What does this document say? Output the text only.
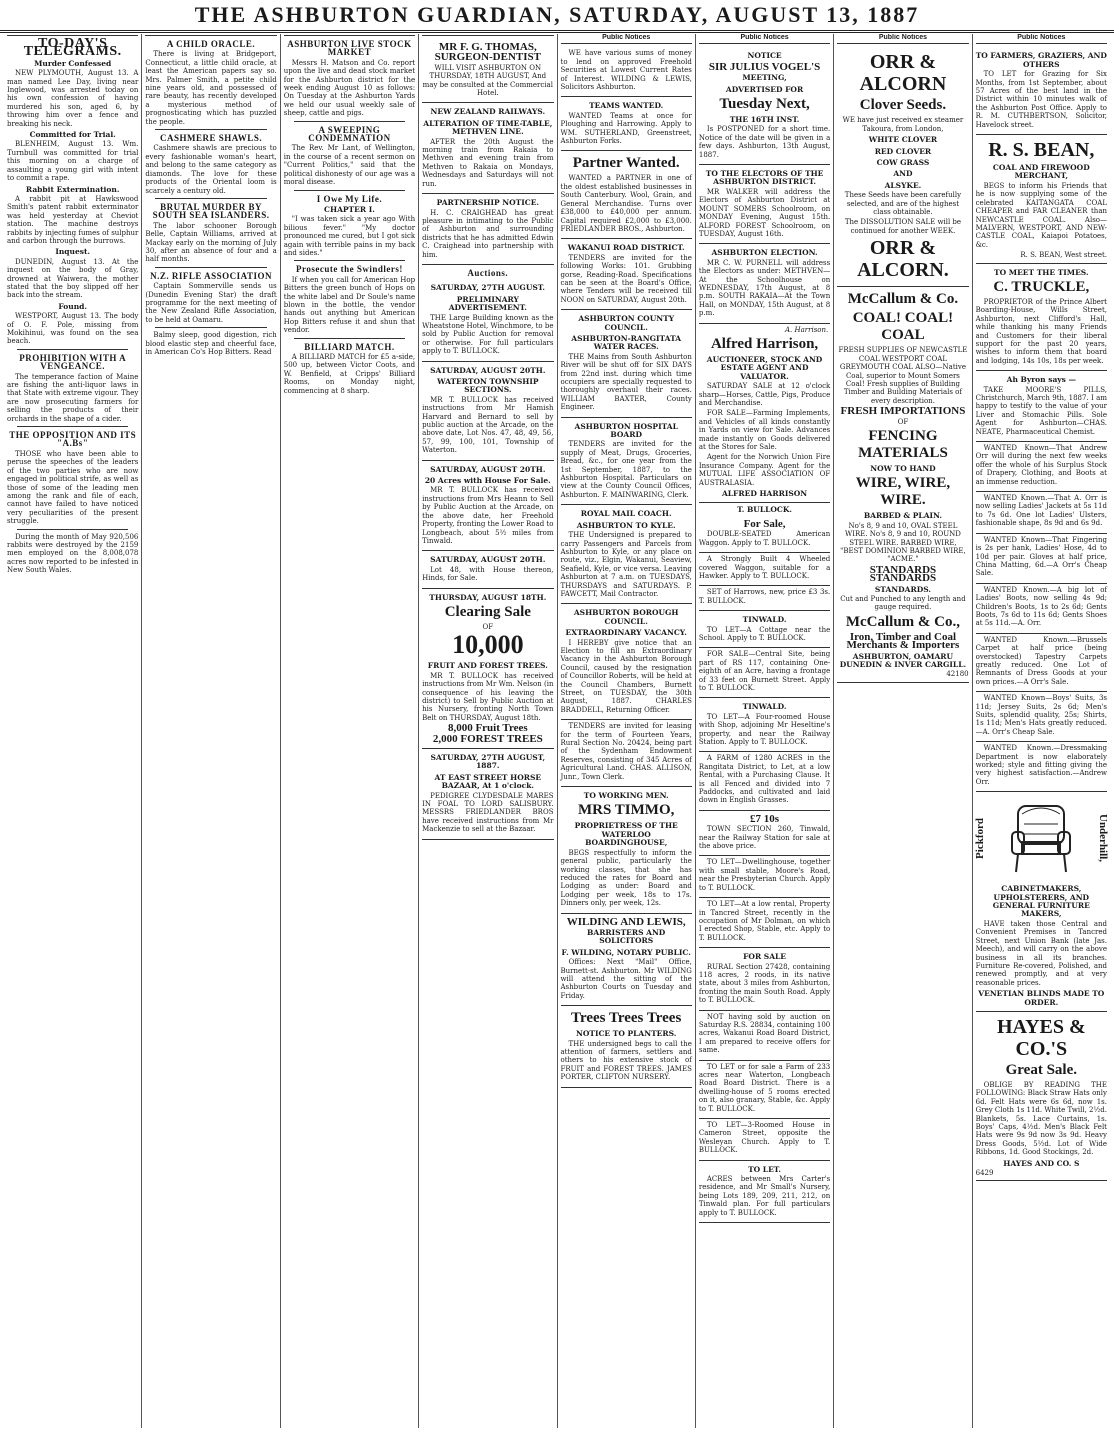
THE ASHBURTON GUARDIAN, SATURDAY, AUGUST 13, 1887
TO-DAY'S TELEGRAMS.
Murder Confessed

NEW PLYMOUTH, August 13. A man named Lee Day, living near Inglewood, was arrested today on his own confession of having murdered his son, aged 6, by throwing him over a fence and breaking his neck.

Committed for Trial.

BLENHEIM, August 13. Wm. Turnbull was committed for trial this morning on a charge of assaulting a young girl with intent to commit a rape.

Rabbit Extermination.

A rabbit pit at Hawkswood Smith's patent rabbit exterminator was held yesterday at Cheviot station. The machine destroys rabbits by injecting fumes of sulphur and carbon through the burrows.

Inquest.

DUNEDIN, August 13. At the inquest on the body of Gray, drowned at Waiwera, the mother stated that the boy slipped off her back into the stream.

Found.

WESTPORT, August 13. The body of O. F. Pole, missing from Mokihinui, was found on the sea beach.

PROHIBITION WITH A VENGEANCE.

The temperance faction of Maine are fishing the anti-liquor laws in that State with extreme vigour. They are now prosecuting farmers for selling the products of their orchards in the shape of a cider.

THE OPPOSITION AND ITS "A.Bs"

THOSE who have been able to peruse the speeches of the leaders of the two parties who are now engaged in political strife, as well as those of some of the leading men among the rank and file of each, cannot have failed to have noticed very peculiarities of the present struggle.

During the month of May 920,506 rabbits were destroyed by the 2159 men employed on the 8,008,078 acres now reported to be infested in New South Wales.

A CHILD ORACLE.

There is living at Bridgeport, Connecticut, a little child oracle, at least the American papers say so. Mrs. Palmer Smith, a petite child nine years old, and possessed of rare beauty, has recently developed a mysterious method of prognosticating which has puzzled the people.

CASHMERE SHAWLS.

Cashmere shawls are precious to every fashionable woman's heart, and belong to the same category as diamonds. The love for these products of the Oriental loom is scarcely a century old.

BRUTAL MURDER BY SOUTH SEA ISLANDERS.

The labor schooner Borough Belle, Captain Williams, arrived at Mackay early on the morning of July 30, after an absence of four and a half months.

N.Z. RIFLE ASSOCIATION

Captain Sommerville sends us (Dunedin Evening Star) the draft programme for the next meeting of the New Zealand Rifle Association, to be held at Oamaru.

Balmy sleep, good digestion, rich blood elastic step and cheerful face, in American Co's Hop Bitters. Read

ASHBURTON LIVE STOCK MARKET

Messrs H. Matson and Co. report upon the live and dead stock market for the Ashburton district for the week ending August 10 as follows: On Tuesday at the Ashburton Yards we held our usual weekly sale of sheep, cattle and pigs.

A SWEEPING CONDEMNATION

The Rev. Mr Lant, of Wellington, in the course of a recent sermon on "Current Politics," said that the political dishonesty of our age was a moral disease.

I Owe My Life.
CHAPTER I.

"I was taken sick a year ago With bilious fever." "My doctor pronounced me cured, but I got sick again with terrible pains in my back and sides."

Prosecute the Swindlers!

If when you call for American Hop Bitters the green bunch of Hops on the white label and Dr Soule's name blown in the bottle, the vendor hands out anything but American Hop Bitters refuse it and shun that vendor.

BILLIARD MATCH.

A BILLIARD MATCH for £5 a-side, 500 up, between Victor Coots, and W. Benfield, at Cripps' Billiard Rooms, on Monday night, commencing at 8 sharp.

MR F. G. THOMAS,
SURGEON-DENTIST

WILL VISIT ASHBURTON ON THURSDAY, 18TH AUGUST, And may be consulted at the Commercial Hotel.

NEW ZEALAND RAILWAYS.
ALTERATION OF TIME-TABLE, METHVEN LINE.

AFTER the 20th August the morning train from Rakaia to Methven and evening train from Methven to Rakaia on Mondays, Wednesdays and Saturdays will not run.

PARTNERSHIP NOTICE.

H. C. CRAIGHEAD has great pleasure in intimating to the Public of Ashburton and surrounding districts that he has admitted Edwin C. Craighead into partnership with him.

Auctions.
SATURDAY, 27TH AUGUST.
PRELIMINARY ADVERTISEMENT.

THE Large Building known as the Wheatstone Hotel, Winchmore, to be sold by Public Auction for removal or otherwise. For full particulars apply to T. BULLOCK.

SATURDAY, AUGUST 20TH.
WATERTON TOWNSHIP SECTIONS.

MR T. BULLOCK has received instructions from Mr Hamish Harvard and Bernard to sell by public auction at the Arcade, on the above date, Lot Nos. 47, 48, 49, 56, 57, 99, 100, 101, Township of Waterton.

SATURDAY, AUGUST 20TH.
20 Acres with House For Sale.

MR T. BULLOCK has received instructions from Mrs Heann to Sell by Public Auction at the Arcade, on the above date, her Freehold Property, fronting the Lower Road to Longbeach, about 5½ miles from Tinwald.

SATURDAY, AUGUST 20TH.

Lot 48, with House thereon, Hinds, for Sale.

THURSDAY, AUGUST 18TH.
Clearing Sale
OF
10,000
FRUIT AND FOREST TREES.

MR T. BULLOCK has received instructions from Mr Wm. Nelson (in consequence of his leaving the district) to Sell by Public Auction at his Nursery, fronting North Town Belt on THURSDAY, August 18th.

8,000 Fruit Trees
2,000 FOREST TREES
SATURDAY, 27TH AUGUST, 1887.
AT EAST STREET HORSE BAZAAR, At 1 o'clock.

PEDIGREE CLYDESDALE MARES IN FOAL TO LORD SALISBURY. MESSRS FRIEDLANDER BROS have received instructions from Mr Mackenzie to sell at the Bazaar.

Public Notices

WE have various sums of money to lend on approved Freehold Securities at Lowest Current Rates of Interest. WILDING & LEWIS, Solicitors Ashburton.

TEAMS WANTED.

WANTED Teams at once for Ploughing and Harrowing. Apply to WM. SUTHERLAND, Greenstreet, Ashburton Forks.

Partner Wanted.

WANTED a PARTNER in one of the oldest established businesses in South Canterbury. Wool, Grain, and General Merchandise. Turns over £38,000 to £40,000 per annum. Capital required £2,000 to £3,000. FRIEDLANDER BROS., Ashburton.

WAKANUI ROAD DISTRICT.

TENDERS are invited for the following Works: 101. Grubbing gorse, Reading-Road. Specifications can be seen at the Board's Office, where Tenders will be received till NOON on SATURDAY, August 20th.

ASHBURTON COUNTY COUNCIL.
ASHBURTON-RANGITATA WATER RACES.

THE Mains from South Ashburton River will be shut off for SIX DAYS from 22nd inst. during which time occupiers are specially requested to thoroughly overhaul their races. WILLIAM BAXTER, County Engineer.

ASHBURTON HOSPITAL BOARD

TENDERS are invited for the supply of Meat, Drugs, Groceries, Bread, &c., for one year from the 1st September, 1887, to the Ashburton Hospital. Particulars on view at the County Council Offices, Ashburton. F. MAINWARING, Clerk.

ROYAL MAIL COACH.
ASHBURTON TO KYLE.

THE Undersigned is prepared to carry Passengers and Parcels from Ashburton to Kyle, or any place on route, viz., Elgin, Wakanui, Seaview, Seafield, Kyle, or vice versa. Leaving Ashburton at 7 a.m. on TUESDAYS, THURSDAYS and SATURDAYS. P. FAWCETT, Mail Contractor.

ASHBURTON BOROUGH COUNCIL.
EXTRAORDINARY VACANCY.

I HEREBY give notice that an Election to fill an Extraordinary Vacancy in the Ashburton Borough Council, caused by the resignation of Councillor Roberts, will be held at the Council Chambers, Burnett Street, on TUESDAY, the 30th August, 1887. CHARLES BRADDELL, Returning Officer.

TENDERS are invited for leasing for the term of Fourteen Years, Rural Section No. 20424, being part of the Sydenham Endowment Reserves, consisting of 345 Acres of Agricultural Land. CHAS. ALLISON, Junr., Town Clerk.

TO WORKING MEN.
MRS TIMMO,
PROPRIETRESS OF THE WATERLOO BOARDINGHOUSE,

BEGS respectfully to inform the general public, particularly the working classes, that she has reduced the rates for Board and Lodging as under: Board and Lodging per week, 18s to 17s. Dinners only, per week, 12s.

WILDING AND LEWIS,
BARRISTERS AND SOLICITORS
F. WILDING, NOTARY PUBLIC.

Offices: Next "Mail" Office, Burnett-st. Ashburton. Mr WILDING will attend the sitting of the Ashburton Courts on Tuesday and Friday.

Trees Trees Trees
NOTICE TO PLANTERS.

THE undersigned begs to call the attention of farmers, settlers and others to his extensive stock of FRUIT and FOREST TREES. JAMES PORTER, CLIFTON NURSERY.

Public Notices
NOTICE
SIR JULIUS VOGEL'S
MEETING,
ADVERTISED FOR
Tuesday Next,
THE 16TH INST.

Is POSTPONED for a short time. Notice of the date will be given in a few days. Ashburton, 13th August, 1887.

TO THE ELECTORS OF THE ASHBURTON DISTRICT.

MR WALKER will address the Electors of Ashburton District at MOUNT SOMERS Schoolroom, on MONDAY Evening, August 15th. ALFORD FOREST Schoolroom, on TUESDAY, August 16th.

ASHBURTON ELECTION.

MR C. W. PURNELL will address the Electors as under: METHVEN—At the Schoolhouse on WEDNESDAY, 17th August, at 8 p.m. SOUTH RAKAIA—At the Town Hall, on MONDAY, 15th August, at 8 p.m.

A. Harrison.
Alfred Harrison,
AUCTIONEER, STOCK AND ESTATE AGENT AND VALUATOR.

SATURDAY SALE at 12 o'clock sharp—Horses, Cattle, Pigs, Produce and Merchandise.

FOR SALE—Farming Implements, and Vehicles of all kinds constantly in Yards on view for Sale. Advances made instantly on Goods delivered at the Stores for Sale.

Agent for the Norwich Union Fire Insurance Company. Agent for the MUTUAL LIFE ASSOCIATION OF AUSTRALASIA.

ALFRED HARRISON
T. BULLOCK.
For Sale,

DOUBLE-SEATED American Waggon. Apply to T. BULLOCK.

A Strongly Built 4 Wheeled covered Waggon, suitable for a Hawker. Apply to T. BULLOCK.

SET of Harrows, new, price £3 3s. T. BULLOCK.

TINWALD.

TO LET—A Cottage near the School. Apply to T. BULLOCK.

FOR SALE—Central Site, being part of RS 117, containing One-eighth of an Acre, having a frontage of 33 feet on Burnett Street. Apply to T. BULLOCK.

TINWALD.

TO LET—A Four-roomed House with Shop, adjoining Mr Heseltine's property, and near the Railway Station. Apply to T. BULLOCK.

A FARM of 1280 ACRES in the Rangitata District, to Let, at a low Rental, with a Purchasing Clause. It is all Fenced and divided into 7 Paddocks, and cultivated and laid down in English Grasses.

£7 10s

TOWN SECTION 260, Tinwald, near the Railway Station for sale at the above price.

TO LET—Dwellinghouse, together with small stable, Moore's Road, near the Presbyterian Church. Apply to T. BULLOCK.

TO LET—At a low rental, Property in Tancred Street, recently in the occupation of Mr Dolman, on which I erected Shop, Stable, etc. Apply to T. BULLOCK.

FOR SALE

RURAL Section 27428, containing 118 acres, 2 roods, in its native state, about 3 miles from Ashburton, fronting the main South Road. Apply to T. BULLOCK.

NOT having sold by auction on Saturday R.S. 28834, containing 100 acres, Wakanui Road Board District, I am prepared to receive offers for same.

TO LET or for sale a Farm of 233 acres near Waterton, Longbeach Road Board District. There is a dwelling-house of 5 rooms erected on it, also granary, Stable, &c. Apply to T. BULLOCK.

TO LET—3-Roomed House in Cameron Street, opposite the Wesleyan Church. Apply to T. BULLOCK.

TO LET.

ACRES between Mrs Carter's residence, and Mr Small's Nursery, being Lots 189, 209, 211, 212, on Tinwald plan. For full particulars apply to T. BULLOCK.

Public Notices
ORR & ALCORN
Clover Seeds.

WE have just received ex steamer Takoura, from London,

WHITE CLOVER
RED CLOVER
COW GRASS
AND
ALSYKE.

These Seeds have been carefully selected, and are of the highest class obtainable.

The DISSOLUTION SALE will be continued for another WEEK.

ORR & ALCORN.
McCallum & Co.
COAL! COAL! COAL

FRESH SUPPLIES OF NEWCASTLE COAL WESTPORT COAL GREYMOUTH COAL ALSO—Native Coal, superior to Mount Somers Coal! Fresh supplies of Building Timber and Building Materials of every description.

FRESH IMPORTATIONS
OF
FENCING MATERIALS
NOW TO HAND
WIRE, WIRE, WIRE.
BARBED & PLAIN.

No's 8, 9 and 10, OVAL STEEL WIRE. No's 8, 9 and 10, ROUND STEEL WIRE. BARBED WIRE, "BEST DOMINION BARBED WIRE, "ACME."

STANDARDS STANDARDS
STANDARDS.

Cut and Punched to any length and gauge required.

McCallum & Co.,
Iron, Timber and Coal Merchants & Importers
ASHBURTON, OAMARU DUNEDIN & INVER CARGILL.
42180
Public Notices
TO FARMERS, GRAZIERS, AND OTHERS

TO LET for Grazing for Six Months, from 1st September, about 57 Acres of the best land in the District within 10 minutes walk of the Ashburton Post Office. Apply to R. M. CUTHBERTSON, Solicitor, Havelock street.

R. S. BEAN,
COAL AND FIREWOOD MERCHANT,

BEGS to inform his Friends that he is now supplying some of the celebrated KAITANGATA COAL CHEAPER and FAR CLEANER than NEWCASTLE COAL. Also—MALVERN, WESTPORT, AND NEW-CASTLE COAL, Kaiapoi Potatoes, &c.

R. S. BEAN, West street.
TO MEET THE TIMES.
C. TRUCKLE,

PROPRIETOR of the Prince Albert Boarding-House, Wills Street, Ashburton, next Clifford's Hall, while thanking his many Friends and Customers for their liberal support for the past 20 years, wishes to inform them that board and lodging, 14s 10s, 18s per week.

Ah Byron says —

TAKE MOORE'S PILLS, Christchurch, March 9th, 1887. I am happy to testify to the value of your Liver and Stomachic Pills. Sole Agent for Ashburton—CHAS. NEATE, Pharmaceutical Chemist.

WANTED Known—That Andrew Orr will during the next few weeks offer the whole of his Surplus Stock of Drapery, Clothing, and Boots at an immense reduction.

WANTED Known.—That A. Orr is now selling Ladies' Jackets at 5s 11d to 7s 6d. One lot Ladies' Ulsters, fashionable shape, 8s 9d and 6s 9d.

WANTED Known—That Fingering is 2s per hank, Ladies' Hose, 4d to 10d per pair. Gloves at half price, China Matting, 6d.—A Orr's Cheap Sale.

WANTED Known.—A big lot of Ladies' Boots, now selling 4s 9d; Children's Boots, 1s to 2s 6d; Gents Boots, 7s 6d to 11s 6d; Gents Shoes at 5s 11d.—A. Orr.

WANTED Known.—Brussels Carpet at half price (being overstocked) Tapestry Carpets greatly reduced. One Lot of Remnants of Dress Goods at your own prices.—A Orr's Sale.

WANTED Known—Boys' Suits, 3s 11d; Jersey Suits, 2s 6d; Men's Suits, splendid quality, 25s; Shirts, 1s 11d; Men's Hats greatly reduced.—A. Orr's Cheap Sale.

WANTED Known.—Dressmaking Department is now elaborately worked; style and fitting giving the very highest satisfaction.—Andrew Orr.

Pickford	Underhill,
CABINETMAKERS, UPHOLSTERERS, AND GENERAL FURNITURE MAKERS,

HAVE taken those Central and Convenient Premises in Tancred Street, next Union Bank (late Jas. Meech), and will carry on the above business in all its branches. Furniture Re-covered, Polished, and renewed promptly, and at very reasonable prices.

VENETIAN BLINDS MADE TO ORDER.
HAYES & CO.'S
Great Sale.

OBLIGE BY READING THE FOLLOWING: Black Straw Hats only 6d. Felt Hats were 6s 6d, now 1s. Grey Cloth 1s 11d. White Twill, 2½d. Blankets, 5s. Lace Curtains, 1s. Boys' Caps, 4½d. Men's Black Felt Hats were 9s 9d now 3s 9d. Heavy Dress Goods, 5½d. Lot of Wide Ribbons, 1d. Good Stockings, 2d.

HAYES AND CO. S
6429
